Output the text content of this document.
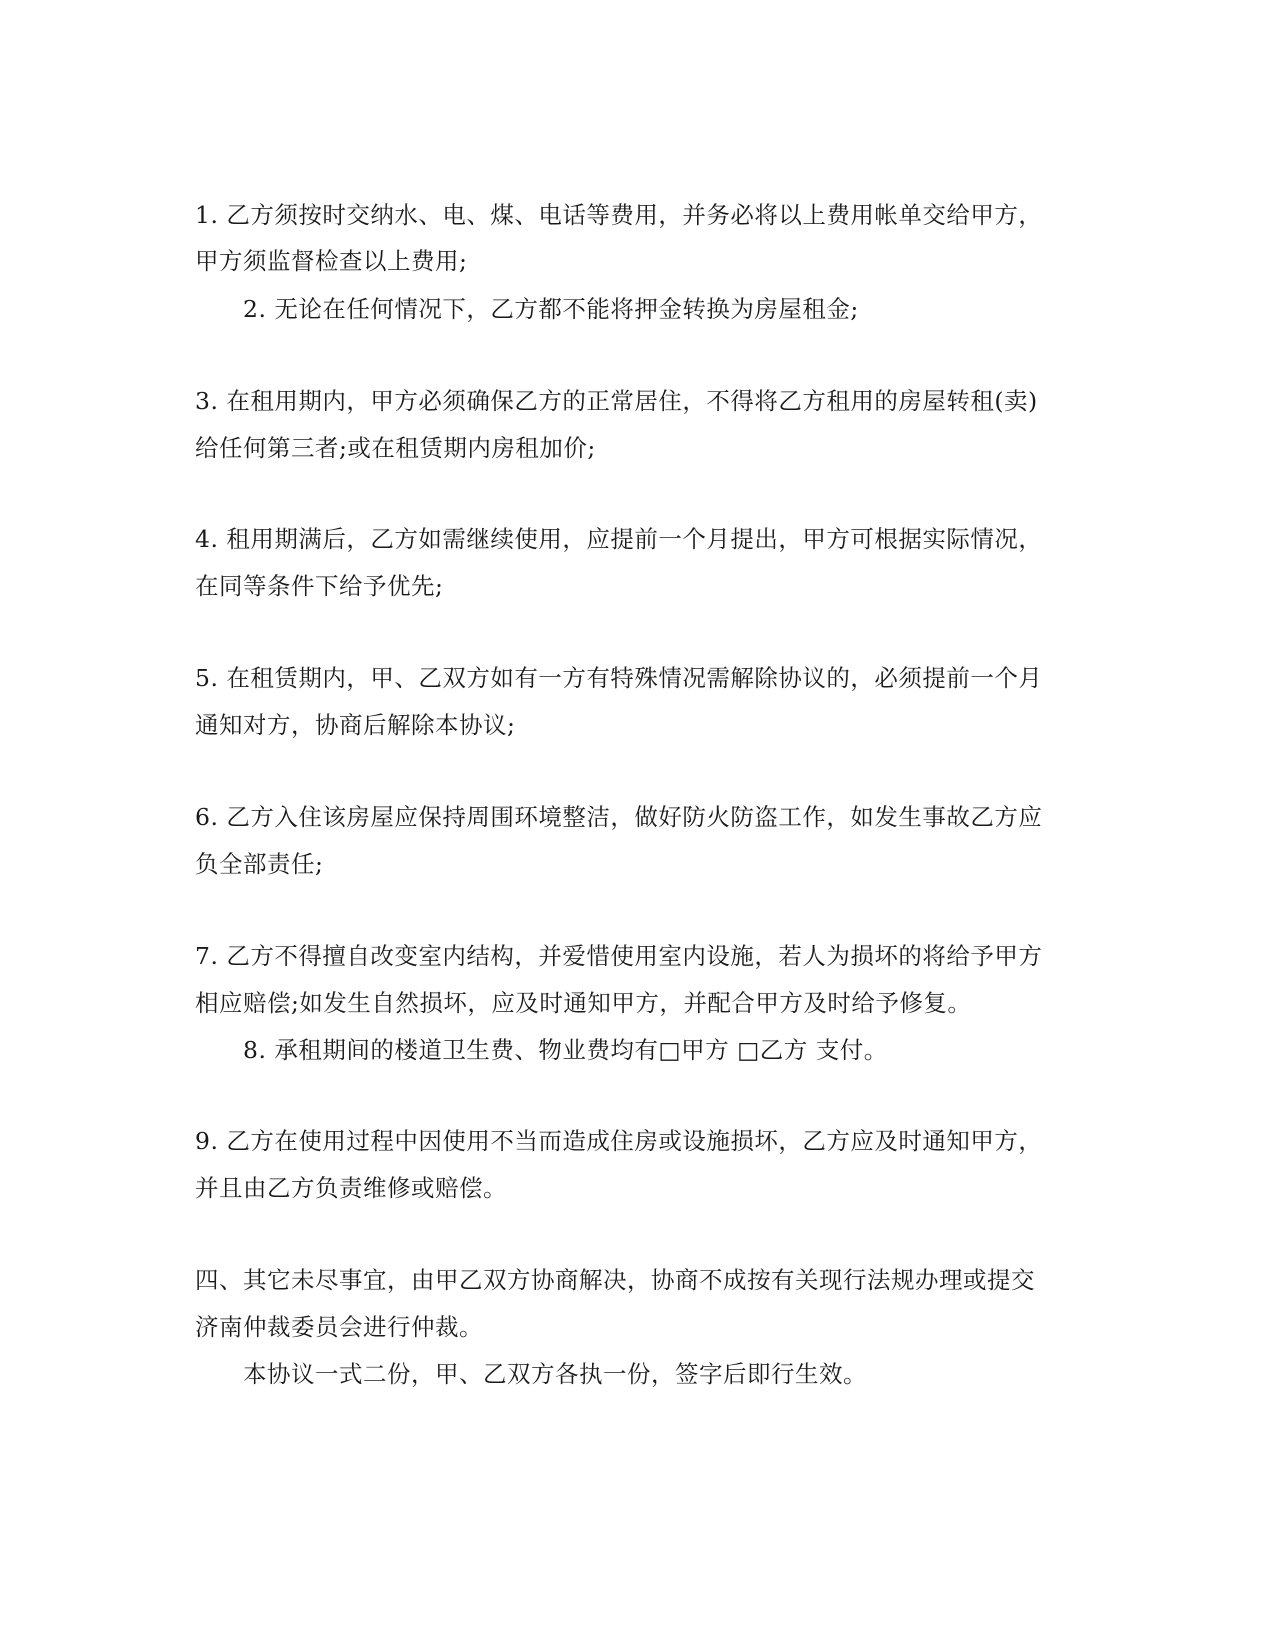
1. 乙方须按时交纳水、电、煤、电话等费用，并务必将以上费用帐单交给甲方，
甲方须监督检查以上费用;
2. 无论在任何情况下，乙方都不能将押金转换为房屋租金;
3. 在租用期内，甲方必须确保乙方的正常居住，不得将乙方租用的房屋转租(卖)
给任何第三者;或在租赁期内房租加价;
4. 租用期满后，乙方如需继续使用，应提前一个月提出，甲方可根据实际情况，
在同等条件下给予优先;
5. 在租赁期内，甲、乙双方如有一方有特殊情况需解除协议的，必须提前一个月
通知对方，协商后解除本协议;
6. 乙方入住该房屋应保持周围环境整洁，做好防火防盗工作，如发生事故乙方应
负全部责任;
7. 乙方不得擅自改变室内结构，并爱惜使用室内设施，若人为损坏的将给予甲方
相应赔偿;如发生自然损坏，应及时通知甲方，并配合甲方及时给予修复。
8. 承租期间的楼道卫生费、物业费均有□甲方 □乙方 支付。
9. 乙方在使用过程中因使用不当而造成住房或设施损坏，乙方应及时通知甲方，
并且由乙方负责维修或赔偿。
四、其它未尽事宜，由甲乙双方协商解决，协商不成按有关现行法规办理或提交
济南仲裁委员会进行仲裁。
本协议一式二份，甲、乙双方各执一份，签字后即行生效。
